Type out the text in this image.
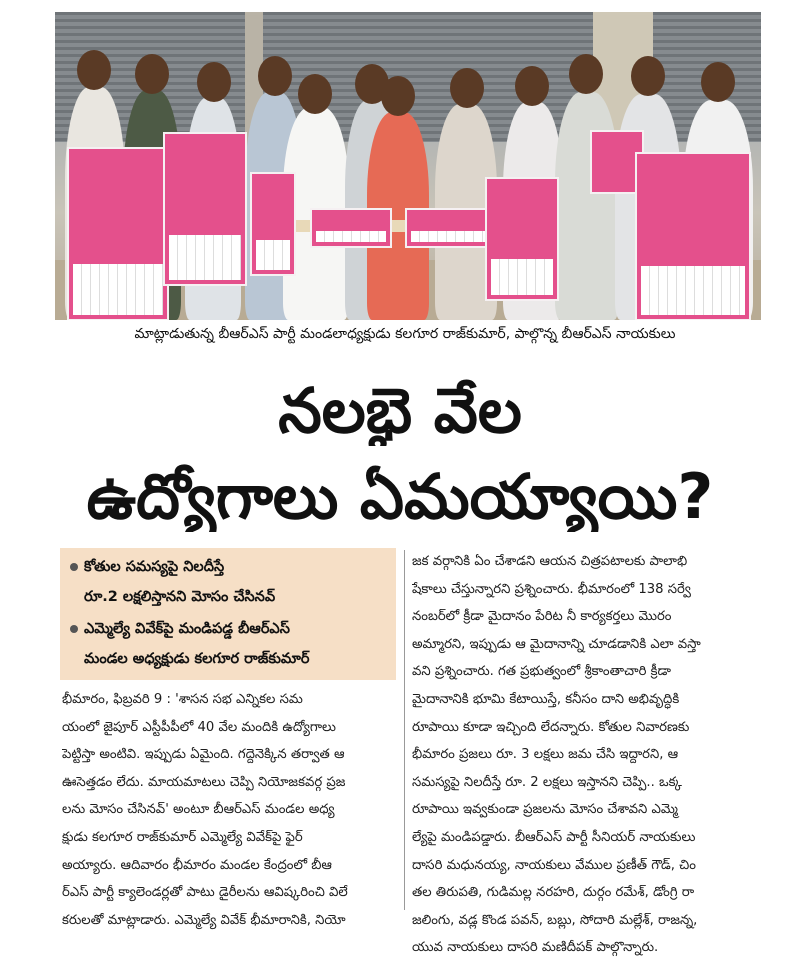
మాట్లాడుతున్న బీఆర్ఎస్ పార్టీ మండలాధ్యక్షుడు కలగూర రాజ్‌కుమార్, పాల్గొన్న బీఆర్ఎస్ నాయకులు
నలభై వేల
ఉద్యోగాలు ఏమయ్యాయి?
కోతుల సమస్యపై నిలదీస్తే
రూ.2 లక్షలిస్తానని మోసం చేసినవ్
ఎమ్మెల్యే వివేక్‌పై మండిపడ్డ బీఆర్ఎస్
మండల అధ్యక్షుడు కలగూర రాజ్‌కుమార్
భీమారం, ఫిబ్రవరి 9 : 'శాసన సభ ఎన్నికల సమ
యంలో జైపూర్ ఎస్టీపీపీలో 40 వేల మందికి ఉద్యోగాలు
పెట్టిస్తా అంటివి. ఇప్పుడు ఏమైంది. గద్దెనెక్కిన తర్వాత ఆ
ఊసెత్తడం లేదు. మాయమాటలు చెప్పి నియోజకవర్గ ప్రజ
లను మోసం చేసినవ్' అంటూ బీఆర్ఎస్ మండల అధ్య
క్షుడు కలగూర రాజ్‌కుమార్ ఎమ్మెల్యే వివేక్‌పై ఫైర్
అయ్యారు. ఆదివారం భీమారం మండల కేంద్రంలో బీఆ
ర్ఎస్ పార్టీ క్యాలెండర్లతో పాటు డైరీలను ఆవిష్కరించి విలే
కరులతో మాట్లాడారు. ఎమ్మెల్యే వివేక్ భీమారానికి, నియో
జక వర్గానికి ఏం చేశాడని ఆయన చిత్రపటాలకు పాలాభి
షేకాలు చేస్తున్నారని ప్రశ్నించారు. భీమారంలో 138 సర్వే
నంబర్‌లో క్రీడా మైదానం పేరిట నీ కార్యకర్తలు మొరం
అమ్మారని, ఇప్పుడు ఆ మైదానాన్ని చూడడానికి ఎలా వస్తా
వని ప్రశ్నించారు. గత ప్రభుత్వంలో శ్రీకాంతాచారి క్రీడా
మైదానానికి భూమి కేటాయిస్తే, కనీసం దాని అభివృద్ధికి
రూపాయి కూడా ఇచ్చింది లేదన్నారు. కోతుల నివారణకు
భీమారం ప్రజలు రూ. 3 లక్షలు జమ చేసి ఇద్దారని, ఆ
సమస్యపై నిలదీస్తే రూ. 2 లక్షలు ఇస్తానని చెప్పి.. ఒక్క
రూపాయి ఇవ్వకుండా ప్రజలను మోసం చేశావని ఎమ్మె
ల్యేపై మండిపడ్డారు. బీఆర్ఎస్ పార్టీ సీనియర్ నాయకులు
దాసరి మధునయ్య, నాయకులు వేముల ప్రణీత్ గౌడ్, చిం
తల తిరుపతి, గుడిమల్ల నరహరి, దుర్గం రమేశ్, డోంగ్రి రా
జలింగు, వడ్ల కొండ పవన్, బబ్లు, సోదారి మల్లేశ్, రాజన్న,
యువ నాయకులు దాసరి మణిదీపక్ పాల్గొన్నారు.
